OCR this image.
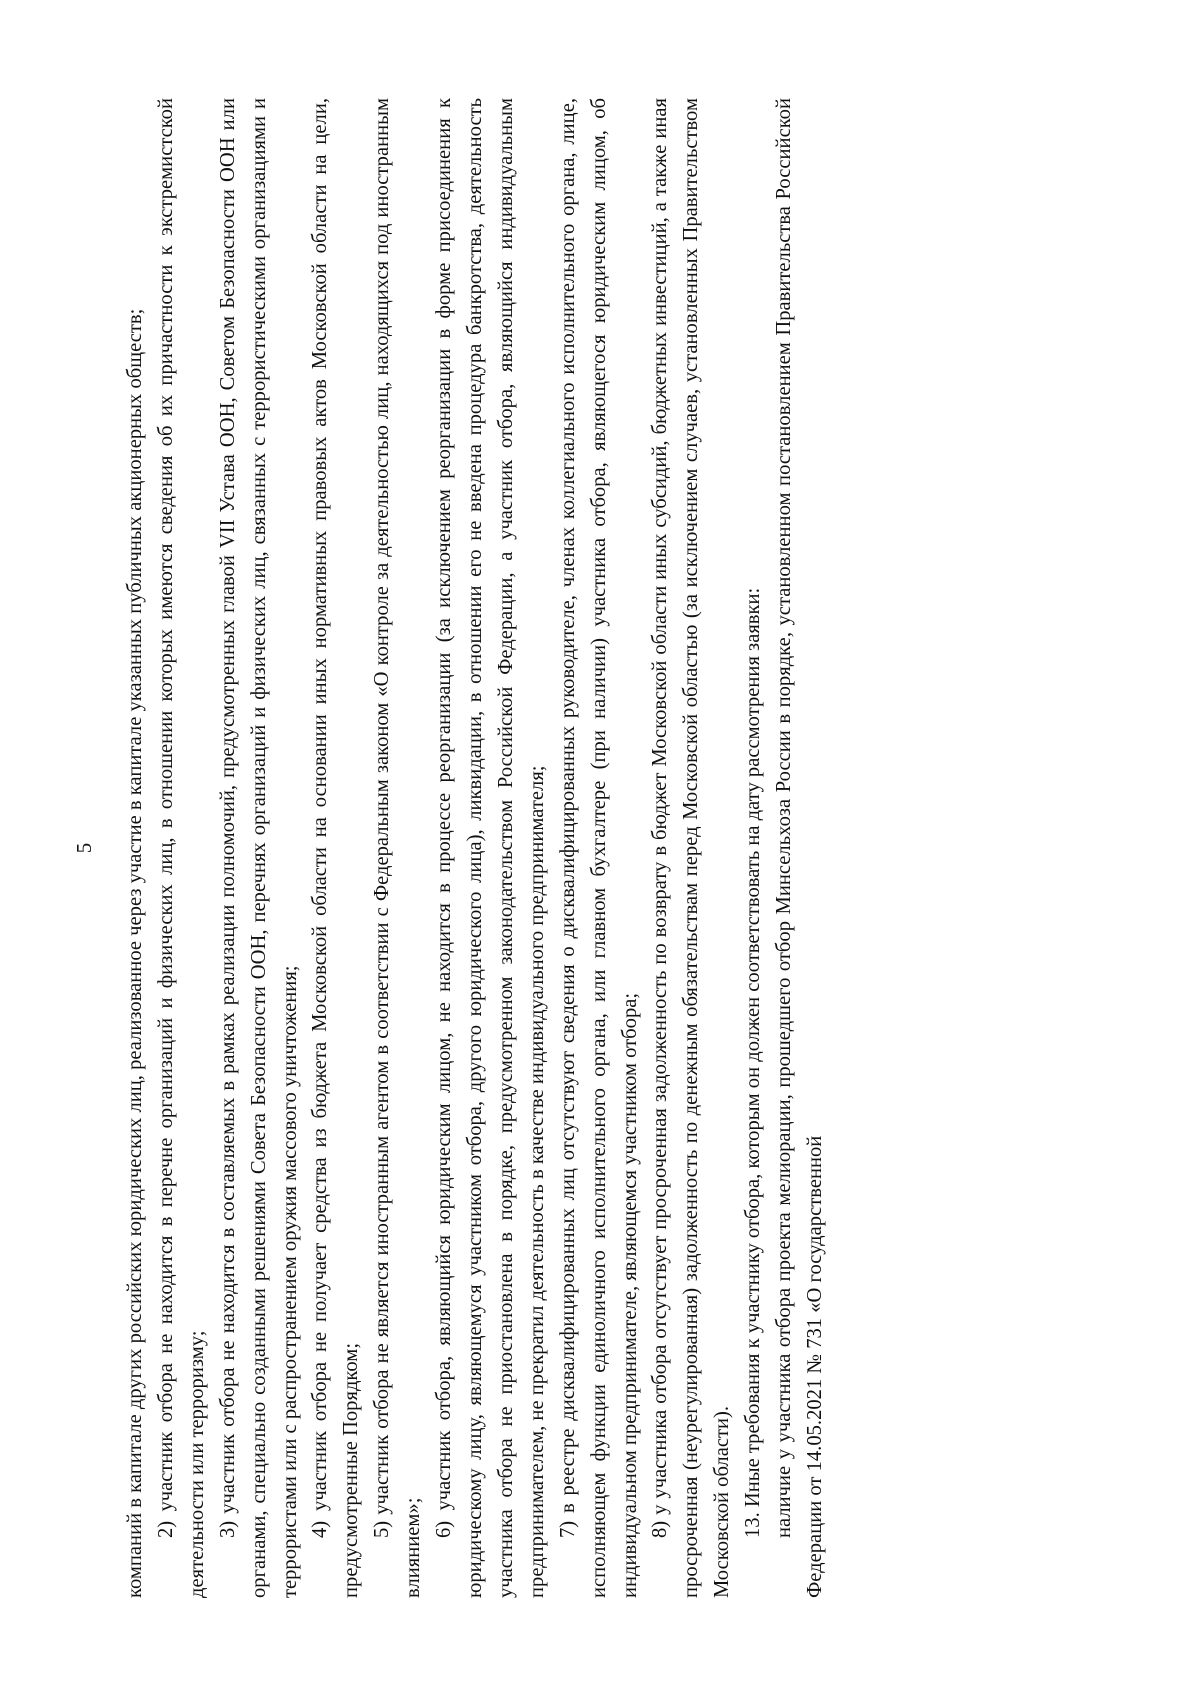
5 компаний в капитале других российских юридических лиц, реализованное через участие в капитале указанных публичных акционерных обществ; 2) участник отбора не находится в перечне организаций и физических лиц, в отношении которых имеются сведения об их причастности к экстремистской деятельности или терроризму; 3) участник отбора не находится в составляемых в рамках реализации полномочий, предусмотренных главой VII Устава ООН, Советом Безопасности ООН или органами, специально созданными решениями Совета Безопасности ООН, перечнях организаций и физических лиц, связанных с террористическими организациями и террористами или с распространением оружия массового уничтожения; 4) участник отбора не получает средства из бюджета Московской области на основании иных нормативных правовых актов Московской области на цели, предусмотренные Порядком; 5) участник отбора не является иностранным агентом в соответствии с Федеральным законом «О контроле за деятельностью лиц, находящихся под иностранным влиянием»;

6) участник отбора, являющийся юридическим лицом, не находится в процессе реорганизации (за исключением реорганизации в форме присоединения к юридическому лицу, являющемуся участником отбора, другого юридического лица), ликвидации, в отношении его не введена процедура банкротства, деятельность участника отбора не приостановлена в порядке, предусмотренном законодательством Российской Федерации, а участник отбора, являющийся индивидуальным предпринимателем, не прекратил деятельность в качестве индивидуального предпринимателя; 7) в реестре дисквалифицированных лиц отсутствуют сведения о дисквалифицированных руководителе, членах коллегиального исполнительного органа, лице, исполняющем функции единоличного исполнительного органа, или главном бухгалтере (при наличии) участника отбора, являющегося юридическим лицом, об индивидуальном предпринимателе, являющемся участником отбора; 8) у участника отбора отсутствует просроченная задолженность по возврату в бюджет Московской области иных субсидий, бюджетных инвестиций, а также иная просроченная (неурегулированная) задолженность по денежным обязательствам перед Московской областью (за исключением случаев, установленных Правительством Московской области). 13. Иные требования к участнику отбора, которым он должен соответствовать на дату рассмотрения заявки: наличие у участника отбора проекта мелиорации, прошедшего отбор Минсельхоза России в порядке, установленном постановлением Правительства Российской Федерации от 14.05.2021 № 731 «О государственной
